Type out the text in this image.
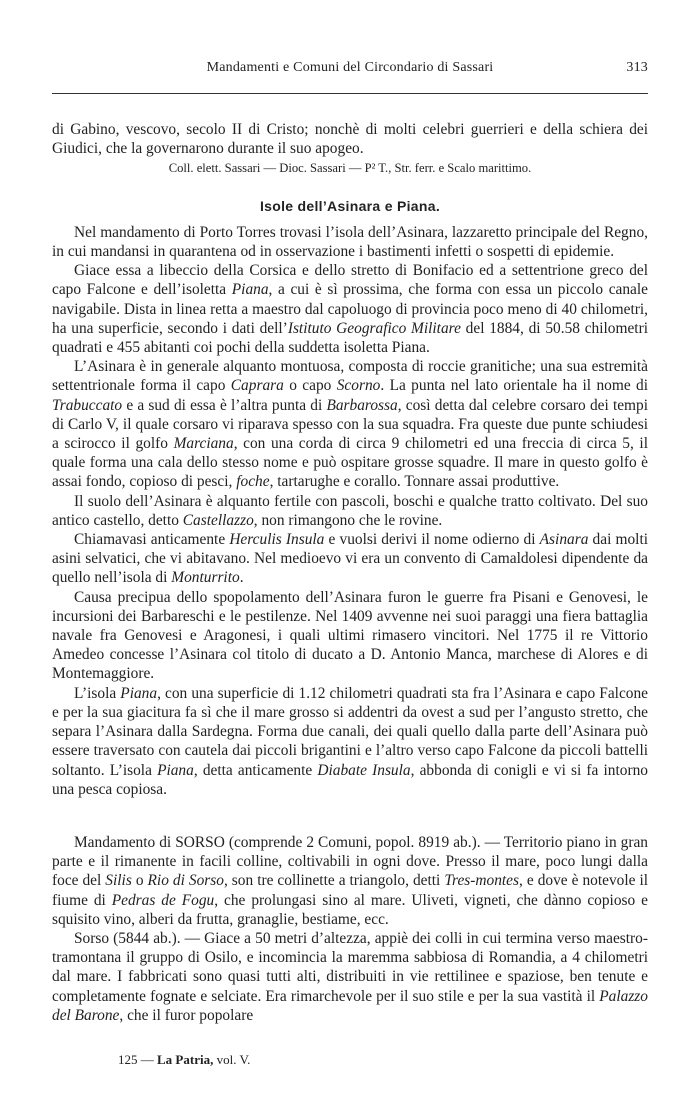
Mandamenti e Comuni del Circondario di Sassari	313

di Gabino, vescovo, secolo II di Cristo; nonchè di molti celebri guerrieri e della schiera dei Giudici, che la governarono durante il suo apogeo.

Coll. elett. Sassari — Dioc. Sassari — P² T., Str. ferr. e Scalo marittimo.

Isole dell’Asinara e Piana.

Nel mandamento di Porto Torres trovasi l’isola dell’Asinara, lazzaretto principale del Regno, in cui mandansi in quarantena od in osservazione i bastimenti infetti o sospetti di epidemie.

Giace essa a libeccio della Corsica e dello stretto di Bonifacio ed a settentrione greco del capo Falcone e dell’isoletta Piana, a cui è sì prossima, che forma con essa un piccolo canale navigabile. Dista in linea retta a maestro dal capoluogo di provincia poco meno di 40 chilometri, ha una superficie, secondo i dati dell’Istituto Geografico Militare del 1884, di 50.58 chilometri quadrati e 455 abitanti coi pochi della suddetta isoletta Piana.

L’Asinara è in generale alquanto montuosa, composta di roccie granitiche; una sua estremità settentrionale forma il capo Caprara o capo Scorno. La punta nel lato orientale ha il nome di Trabuccato e a sud di essa è l’altra punta di Barbarossa, così detta dal celebre corsaro dei tempi di Carlo V, il quale corsaro vi riparava spesso con la sua squadra. Fra queste due punte schiudesi a scirocco il golfo Marciana, con una corda di circa 9 chilometri ed una freccia di circa 5, il quale forma una cala dello stesso nome e può ospitare grosse squadre. Il mare in questo golfo è assai fondo, copioso di pesci, foche, tartarughe e corallo. Tonnare assai produttive.

Il suolo dell’Asinara è alquanto fertile con pascoli, boschi e qualche tratto coltivato. Del suo antico castello, detto Castellazzo, non rimangono che le rovine.

Chiamavasi anticamente Herculis Insula e vuolsi derivi il nome odierno di Asinara dai molti asini selvatici, che vi abitavano. Nel medioevo vi era un convento di Camaldolesi dipendente da quello nell’isola di Monturrito.

Causa precipua dello spopolamento dell’Asinara furon le guerre fra Pisani e Genovesi, le incursioni dei Barbareschi e le pestilenze. Nel 1409 avvenne nei suoi paraggi una fiera battaglia navale fra Genovesi e Aragonesi, i quali ultimi rimasero vincitori. Nel 1775 il re Vittorio Amedeo concesse l’Asinara col titolo di ducato a D. Antonio Manca, marchese di Alores e di Montemaggiore.

L’isola Piana, con una superficie di 1.12 chilometri quadrati sta fra l’Asinara e capo Falcone e per la sua giacitura fa sì che il mare grosso si addentri da ovest a sud per l’angusto stretto, che separa l’Asinara dalla Sardegna. Forma due canali, dei quali quello dalla parte dell’Asinara può essere traversato con cautela dai piccoli brigantini e l’altro verso capo Falcone da piccoli battelli soltanto. L’isola Piana, detta anticamente Diabate Insula, abbonda di conigli e vi si fa intorno una pesca copiosa.

Mandamento di SORSO (comprende 2 Comuni, popol. 8919 ab.). — Territorio piano in gran parte e il rimanente in facili colline, coltivabili in ogni dove. Presso il mare, poco lungi dalla foce del Silis o Rio di Sorso, son tre collinette a triangolo, detti Tres-montes, e dove è notevole il fiume di Pedras de Fogu, che prolungasi sino al mare. Uliveti, vigneti, che dànno copioso e squisito vino, alberi da frutta, granaglie, bestiame, ecc.

Sorso (5844 ab.). — Giace a 50 metri d’altezza, appiè dei colli in cui termina verso maestro-tramontana il gruppo di Osilo, e incomincia la maremma sabbiosa di Romandia, a 4 chilometri dal mare. I fabbricati sono quasi tutti alti, distribuiti in vie rettilinee e spaziose, ben tenute e completamente fognate e selciate. Era rimarchevole per il suo stile e per la sua vastità il Palazzo del Barone, che il furor popolare

125 — La Patria, vol. V.
